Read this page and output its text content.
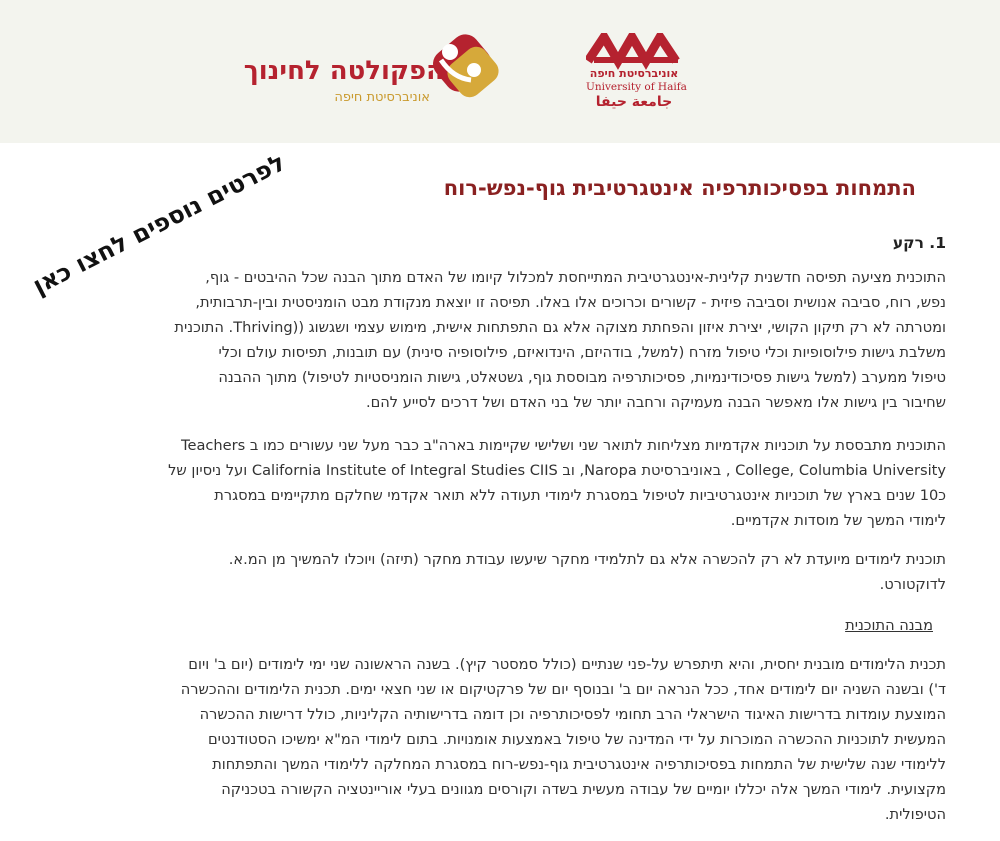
הפקולטה לחינוך
אוניברסיטת חיפה
אוניברסיטת חיפה
University of Haifa
جامعة حيفا
לפרטים נוספים לחצו כאן	התמחות בפסיכותרפיה אינטגרטיבית גוף-נפש-רוח
1. רקע
התוכנית מציעה תפיסה חדשנית קלינית-אינטגרטיבית המתייחסת למכלול קיומו של האדם מתוך הבנה שכל ההיבטים - גוף,
נפש, רוח, סביבה אנושית וסביבה פיזית - קשורים וכרוכים אלו באלו. תפיסה זו יוצאת מנקודת מבט הומניסטית ובין-תרבותית,
ומטרתה לא רק תיקון הקושי, יצירת איזון והפחתת מצוקה אלא גם התפתחות אישית, מימוש עצמי ושגשוג ((Thriving. התוכנית
משלבת גישות פילוסופיות וכלי טיפול מזרח (למשל, בודהיזם, הינדואיזם, פילוסופיה סינית) עם תובנות, תפיסות עולם וכלי
טיפול ממערב (למשל גישות פסיכודינמיות, פסיכותרפיה מבוססת גוף, גשטאלט, גישות הומניסטיות לטיפול) מתוך ההבנה
שחיבור בין גישות אלו מאפשר הבנה מעמיקה ורחבה יותר של בני האדם ושל דרכים לסייע להם.
התוכנית מתבססת על תוכניות אקדמיות מצליחות לתואר שני ושלישי שקיימות בארה"ב כבר מעל שני עשורים כמו ב Teachers
College, Columbia University , באוניברסיטת Naropa, וב California Institute of Integral Studies CIIS ועל ניסיון של
כ10 שנים בארץ של תוכניות אינטגרטיביות לטיפול במסגרת לימודי תעודה ללא תואר אקדמי שחלקם מתקיימים במסגרת
לימודי המשך של מוסדות אקדמיים.
תוכנית לימודים מיועדת לא רק להכשרה אלא גם לתלמידי מחקר שיעשו עבודת מחקר (תיזה) ויוכלו להמשיך מן המ.א.
לדוקטורט.
מבנה התוכנית
תכנית הלימודים מובנית יחסית, והיא תיתפרש על-פני שנתיים (כולל סמסטר קיץ). בשנה הראשונה שני ימי לימודים (יום ב' ויום
ד') ובשנה השניה יום לימודים אחד, ככל הנראה יום ב' ובנוסף יום של פרקטיקום או שני חצאי ימים. תכנית הלימודים וההכשרה
המוצעת עומדות בדרישות האיגוד הישראלי הרב תחומי לפסיכותרפיה וכן דומה בדרישותיה הקליניות, כולל דרישות ההכשרה
המעשית לתוכניות ההכשרה המוכרות על ידי המדינה של טיפול באמצעות אומנויות. בתום לימודי המ"א ימשיכו הסטודנטים
ללימודי שנה שלישית של התמחות בפסיכותרפיה אינטגרטיבית גוף-נפש-רוח במסגרת המחלקה ללימודי המשך והתפתחות
מקצועית. לימודי המשך אלה יכללו יומיים של עבודה מעשית בשדה וקורסים מגוונים בעלי אוריינטציה הקשורה בטכניקה
הטיפולית.
